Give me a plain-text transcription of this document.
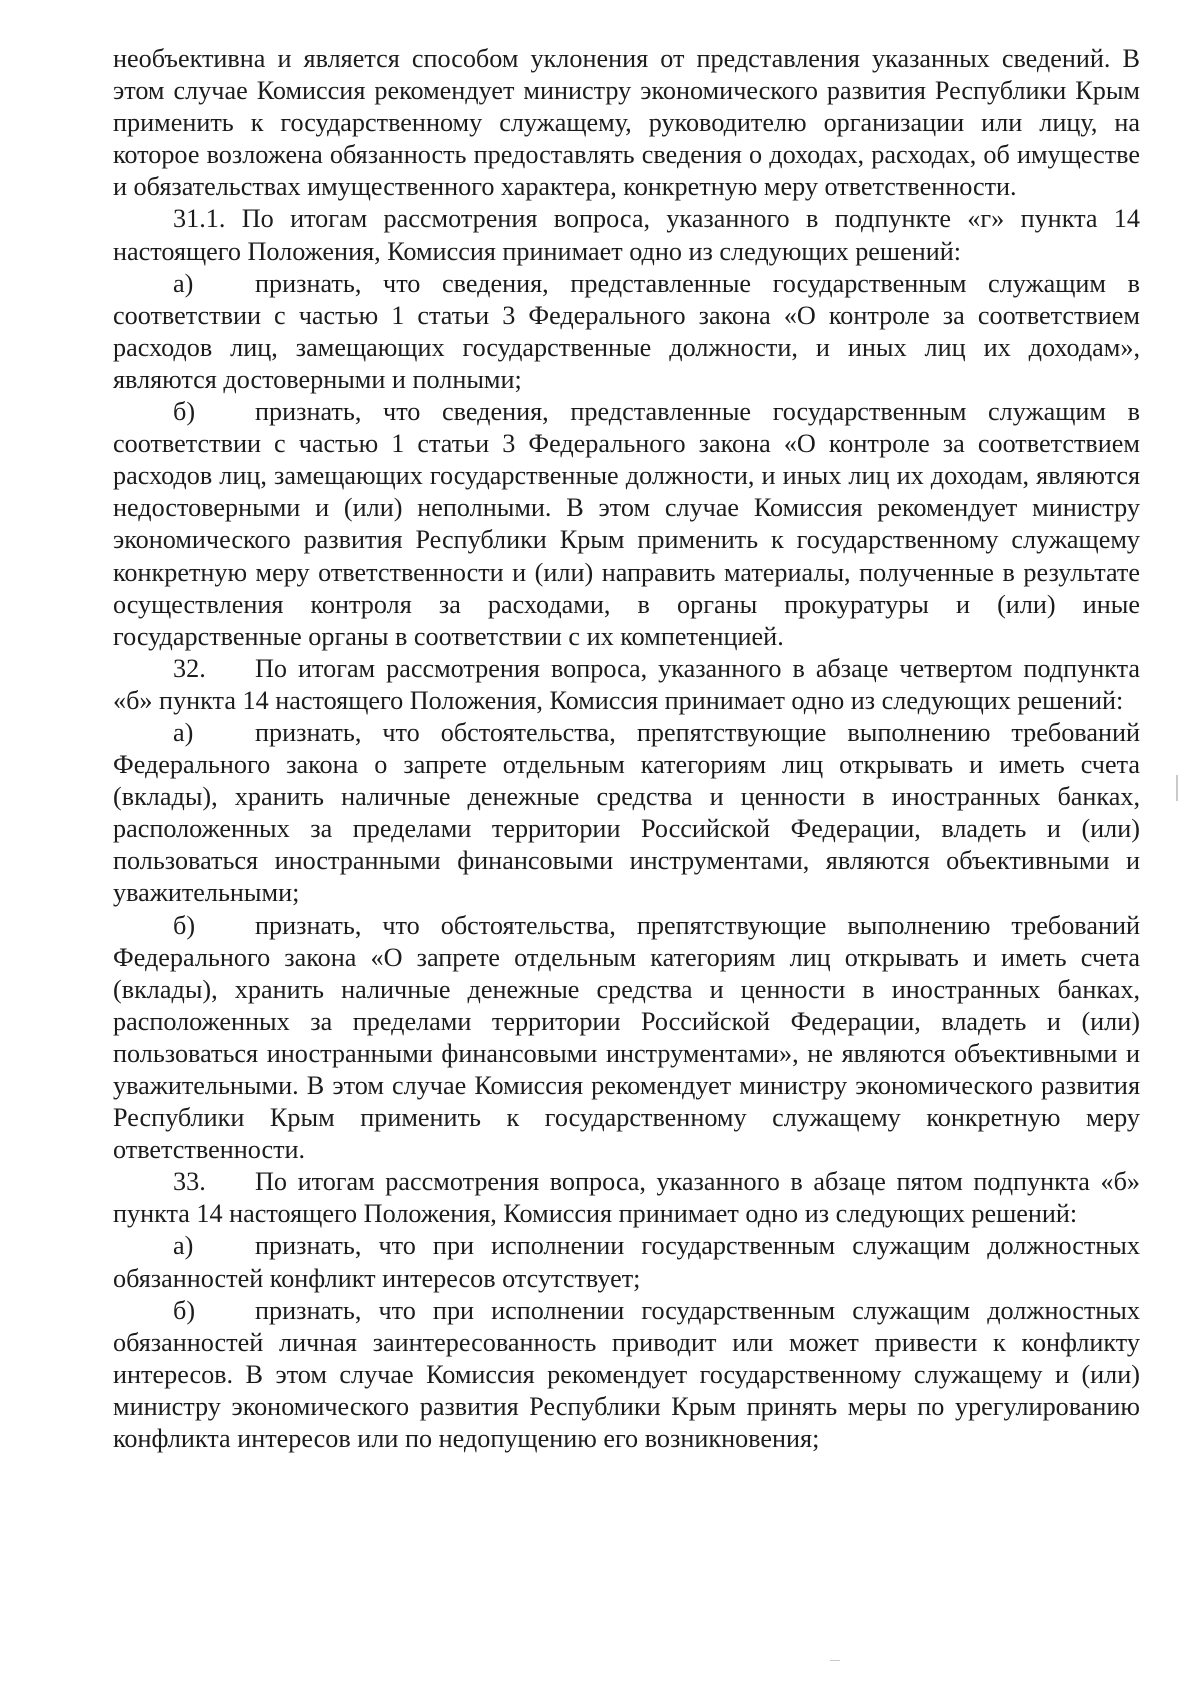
необъективна и является способом уклонения от представления указанных сведений. В этом случае Комиссия рекомендует министру экономического развития Республики Крым применить к государственному служащему, руководителю организации или лицу, на которое возложена обязанность предоставлять сведения о доходах, расходах, об имуществе и обязательствах имущественного характера, конкретную меру ответственности.

31.1. По итогам рассмотрения вопроса, указанного в подпункте «г» пункта 14 настоящего Положения, Комиссия принимает одно из следующих решений:

а) признать, что сведения, представленные государственным служащим в соответствии с частью 1 статьи 3 Федерального закона «О контроле за соответствием расходов лиц, замещающих государственные должности, и иных лиц их доходам», являются достоверными и полными;

б) признать, что сведения, представленные государственным служащим в соответствии с частью 1 статьи 3 Федерального закона «О контроле за соответствием расходов лиц, замещающих государственные должности, и иных лиц их доходам, являются недостоверными и (или) неполными. В этом случае Комиссия рекомендует министру экономического развития Республики Крым применить к государственному служащему конкретную меру ответственности и (или) направить материалы, полученные в результате осуществления контроля за расходами, в органы прокуратуры и (или) иные государственные органы в соответствии с их компетенцией.

32. По итогам рассмотрения вопроса, указанного в абзаце четвертом подпункта «б» пункта 14 настоящего Положения, Комиссия принимает одно из следующих решений:

а) признать, что обстоятельства, препятствующие выполнению требований Федерального закона о запрете отдельным категориям лиц открывать и иметь счета (вклады), хранить наличные денежные средства и ценности в иностранных банках, расположенных за пределами территории Российской Федерации, владеть и (или) пользоваться иностранными финансовыми инструментами, являются объективными и уважительными;

б) признать, что обстоятельства, препятствующие выполнению требований Федерального закона «О запрете отдельным категориям лиц открывать и иметь счета (вклады), хранить наличные денежные средства и ценности в иностранных банках, расположенных за пределами территории Российской Федерации, владеть и (или) пользоваться иностранными финансовыми инструментами», не являются объективными и уважительными. В этом случае Комиссия рекомендует министру экономического развития Республики Крым применить к государственному служащему конкретную меру ответственности.

33. По итогам рассмотрения вопроса, указанного в абзаце пятом подпункта «б» пункта 14 настоящего Положения, Комиссия принимает одно из следующих решений:

а) признать, что при исполнении государственным служащим должностных обязанностей конфликт интересов отсутствует;

б) признать, что при исполнении государственным служащим должностных обязанностей личная заинтересованность приводит или может привести к конфликту интересов. В этом случае Комиссия рекомендует государственному служащему и (или) министру экономического развития Республики Крым принять меры по урегулированию конфликта интересов или по недопущению его возникновения;
